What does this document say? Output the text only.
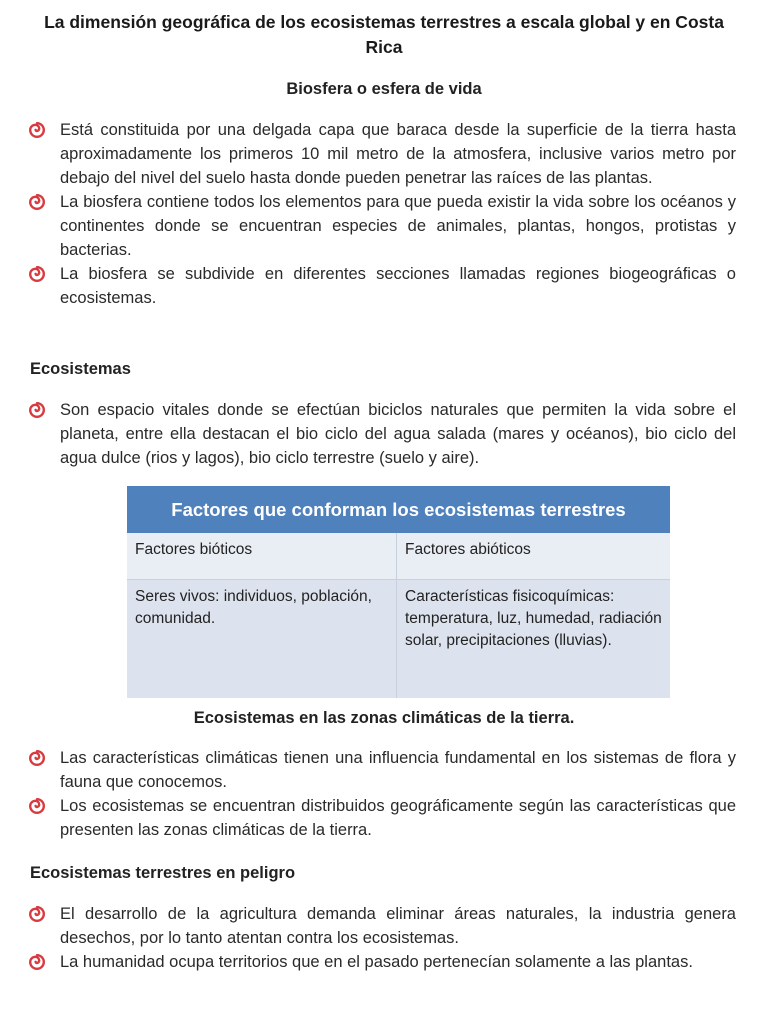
La dimensión geográfica de los ecosistemas terrestres a escala global y en Costa Rica
Biosfera o esfera de vida
Está constituida por una delgada capa que baraca desde la superficie de la tierra hasta aproximadamente los primeros 10 mil metro de la atmosfera, inclusive varios metro por debajo del nivel del suelo hasta donde pueden penetrar las raíces de las plantas.
La biosfera contiene todos los elementos para que pueda existir la vida sobre los océanos y continentes donde se encuentran especies de animales, plantas, hongos, protistas y bacterias.
La biosfera se subdivide en diferentes secciones llamadas regiones biogeográficas o ecosistemas.
Ecosistemas
Son espacio vitales donde se efectúan biciclos naturales que permiten la vida sobre el planeta, entre ella destacan el bio ciclo del agua salada (mares y océanos), bio ciclo del agua dulce (rios y lagos), bio ciclo terrestre (suelo y aire).
Factores que conforman los ecosistemas terrestres
Factores bióticos	Factores abióticos
Seres vivos: individuos, población, comunidad.
Características fisicoquímicas: temperatura, luz, humedad, radiación solar, precipitaciones (lluvias).
Ecosistemas en las zonas climáticas de la tierra.
Las características climáticas tienen una influencia fundamental en los sistemas de flora y fauna que conocemos.
Los ecosistemas se encuentran distribuidos geográficamente según las características que presenten las zonas climáticas de la tierra.
Ecosistemas terrestres en peligro
El desarrollo de la agricultura demanda eliminar áreas naturales, la industria genera desechos, por lo tanto atentan contra los ecosistemas.
La humanidad ocupa territorios que en el pasado pertenecían solamente a las plantas.
